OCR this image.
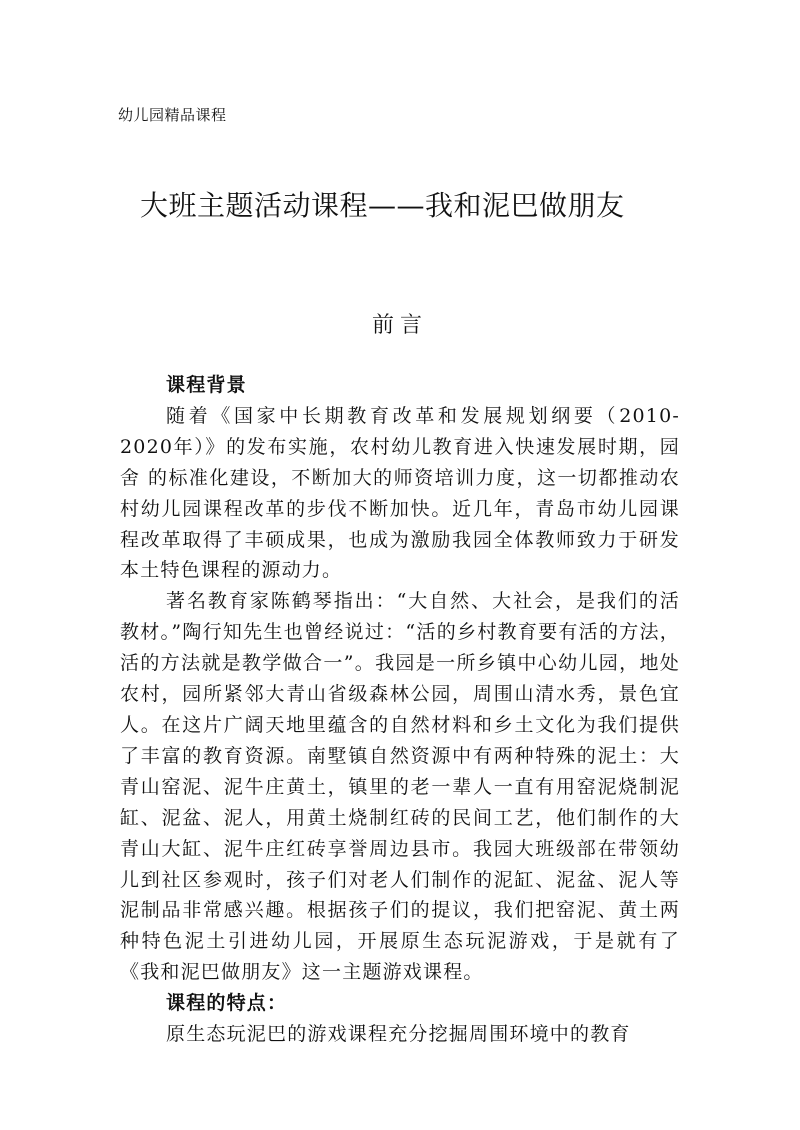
幼儿园精品课程
大班主题活动课程——我和泥巴做朋友
前言

课程背景

随着《国家中长期教育改革和发展规划纲要（2010-2020年）》的发布实施，农村幼儿教育进入快速发展时期，园舍 的标准化建设，不断加大的师资培训力度，这一切都推动农村幼儿园课程改革的步伐不断加快。近几年，青岛市幼儿园课程改革取得了丰硕成果，也成为激励我园全体教师致力于研发本土特色课程的源动力。

著名教育家陈鹤琴指出：“大自然、大社会，是我们的活教材。”陶行知先生也曾经说过：“活的乡村教育要有活的方法，活的方法就是教学做合一”。我园是一所乡镇中心幼儿园，地处农村，园所紧邻大青山省级森林公园，周围山清水秀，景色宜人。在这片广阔天地里蕴含的自然材料和乡土文化为我们提供了丰富的教育资源。南墅镇自然资源中有两种特殊的泥土：大青山窑泥、泥牛庄黄土，镇里的老一辈人一直有用窑泥烧制泥缸、泥盆、泥人，用黄土烧制红砖的民间工艺，他们制作的大青山大缸、泥牛庄红砖享誉周边县市。我园大班级部在带领幼儿到社区参观时，孩子们对老人们制作的泥缸、泥盆、泥人等泥制品非常感兴趣。根据孩子们的提议，我们把窑泥、黄土两种特色泥土引进幼儿园，开展原生态玩泥游戏，于是就有了《我和泥巴做朋友》这一主题游戏课程。

课程的特点：

原生态玩泥巴的游戏课程充分挖掘周围环境中的教育
